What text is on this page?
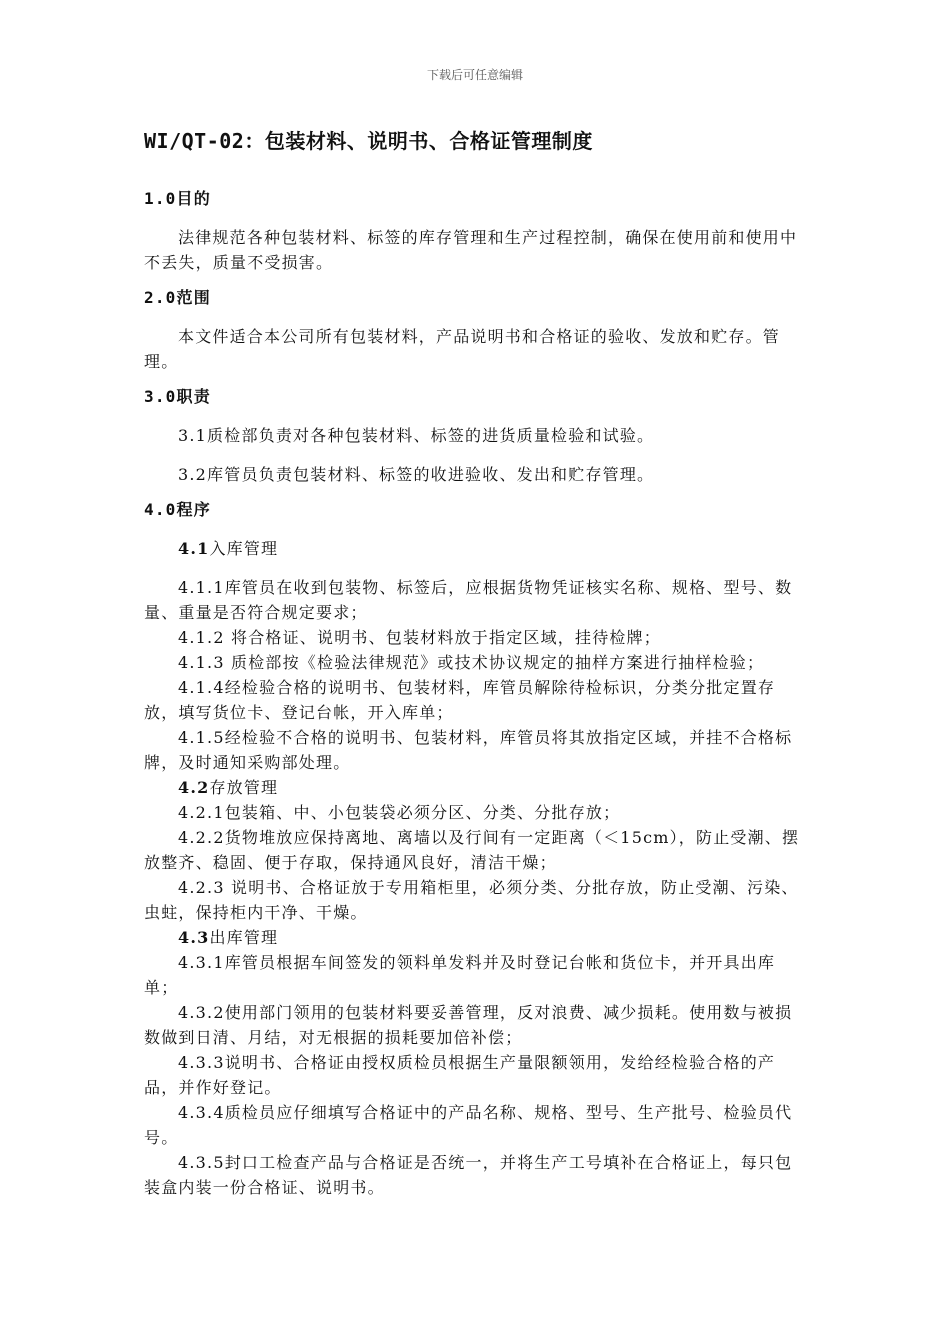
下载后可任意编辑
WI/QT-02：包装材料、说明书、合格证管理制度

1.0目的

法律规范各种包装材料、标签的库存管理和生产过程控制，确保在使用前和使用中不丢失，质量不受损害。

2.0范围

本文件适合本公司所有包装材料，产品说明书和合格证的验收、发放和贮存。管理。

3.0职责

3.1质检部负责对各种包装材料、标签的进货质量检验和试验。

3.2库管员负责包装材料、标签的收进验收、发出和贮存管理。

4.0程序

4.1入库管理

4.1.1库管员在收到包装物、标签后，应根据货物凭证核实名称、规格、型号、数量、重量是否符合规定要求；

4.1.2 将合格证、说明书、包装材料放于指定区域，挂待检牌；

4.1.3 质检部按《检验法律规范》或技术协议规定的抽样方案进行抽样检验；

4.1.4经检验合格的说明书、包装材料，库管员解除待检标识，分类分批定置存放，填写货位卡、登记台帐，开入库单；

4.1.5经检验不合格的说明书、包装材料，库管员将其放指定区域，并挂不合格标牌，及时通知采购部处理。

4.2存放管理

4.2.1包装箱、中、小包装袋必须分区、分类、分批存放；

4.2.2货物堆放应保持离地、离墙以及行间有一定距离（＜15cm），防止受潮、摆放整齐、稳固、便于存取，保持通风良好，清洁干燥；

4.2.3 说明书、合格证放于专用箱柜里，必须分类、分批存放，防止受潮、污染、虫蛀，保持柜内干净、干燥。

4.3出库管理

4.3.1库管员根据车间签发的领料单发料并及时登记台帐和货位卡，并开具出库单；

4.3.2使用部门领用的包装材料要妥善管理，反对浪费、减少损耗。使用数与被损数做到日清、月结，对无根据的损耗要加倍补偿；

4.3.3说明书、合格证由授权质检员根据生产量限额领用，发给经检验合格的产品，并作好登记。

4.3.4质检员应仔细填写合格证中的产品名称、规格、型号、生产批号、检验员代号。

4.3.5封口工检查产品与合格证是否统一，并将生产工号填补在合格证上，每只包装盒内装一份合格证、说明书。
